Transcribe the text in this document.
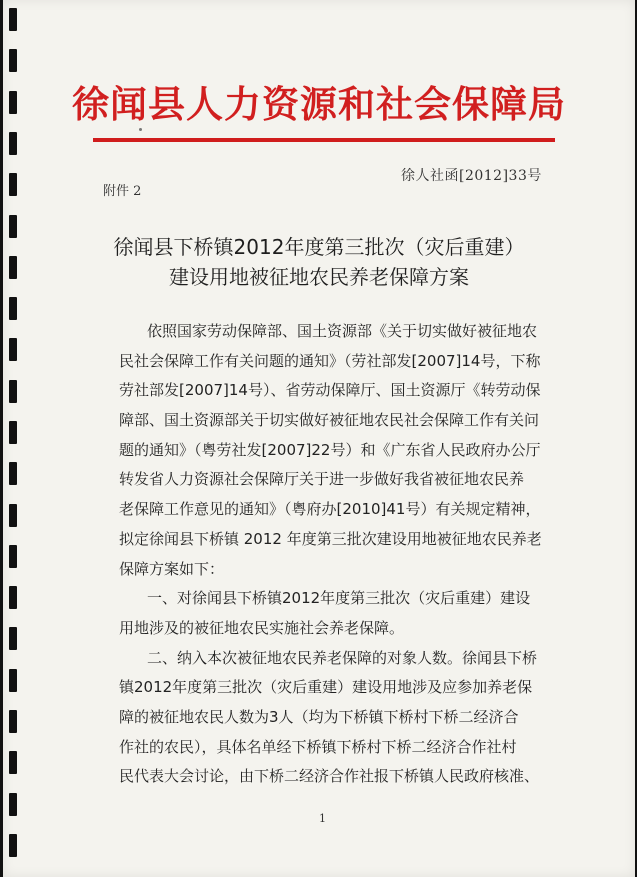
徐闻县人力资源和社会保障局
徐人社函[2012]33号
附件 2
徐闻县下桥镇2012年度第三批次（灾后重建）
建设用地被征地农民养老保障方案
依照国家劳动保障部、国土资源部《关于切实做好被征地农
民社会保障工作有关问题的通知》（劳社部发[2007]14号，下称
劳社部发[2007]14号）、省劳动保障厅、国土资源厅《转劳动保
障部、国土资源部关于切实做好被征地农民社会保障工作有关问
题的通知》（粤劳社发[2007]22号）和《广东省人民政府办公厅
转发省人力资源社会保障厅关于进一步做好我省被征地农民养
老保障工作意见的通知》（粤府办[2010]41号）有关规定精神，
拟定徐闻县下桥镇 2012 年度第三批次建设用地被征地农民养老
保障方案如下：
一、对徐闻县下桥镇2012年度第三批次（灾后重建）建设
用地涉及的被征地农民实施社会养老保障。
二、纳入本次被征地农民养老保障的对象人数。徐闻县下桥
镇2012年度第三批次（灾后重建）建设用地涉及应参加养老保
障的被征地农民人数为3人（均为下桥镇下桥村下桥二经济合
作社的农民），具体名单经下桥镇下桥村下桥二经济合作社村
民代表大会讨论，由下桥二经济合作社报下桥镇人民政府核准、
1
